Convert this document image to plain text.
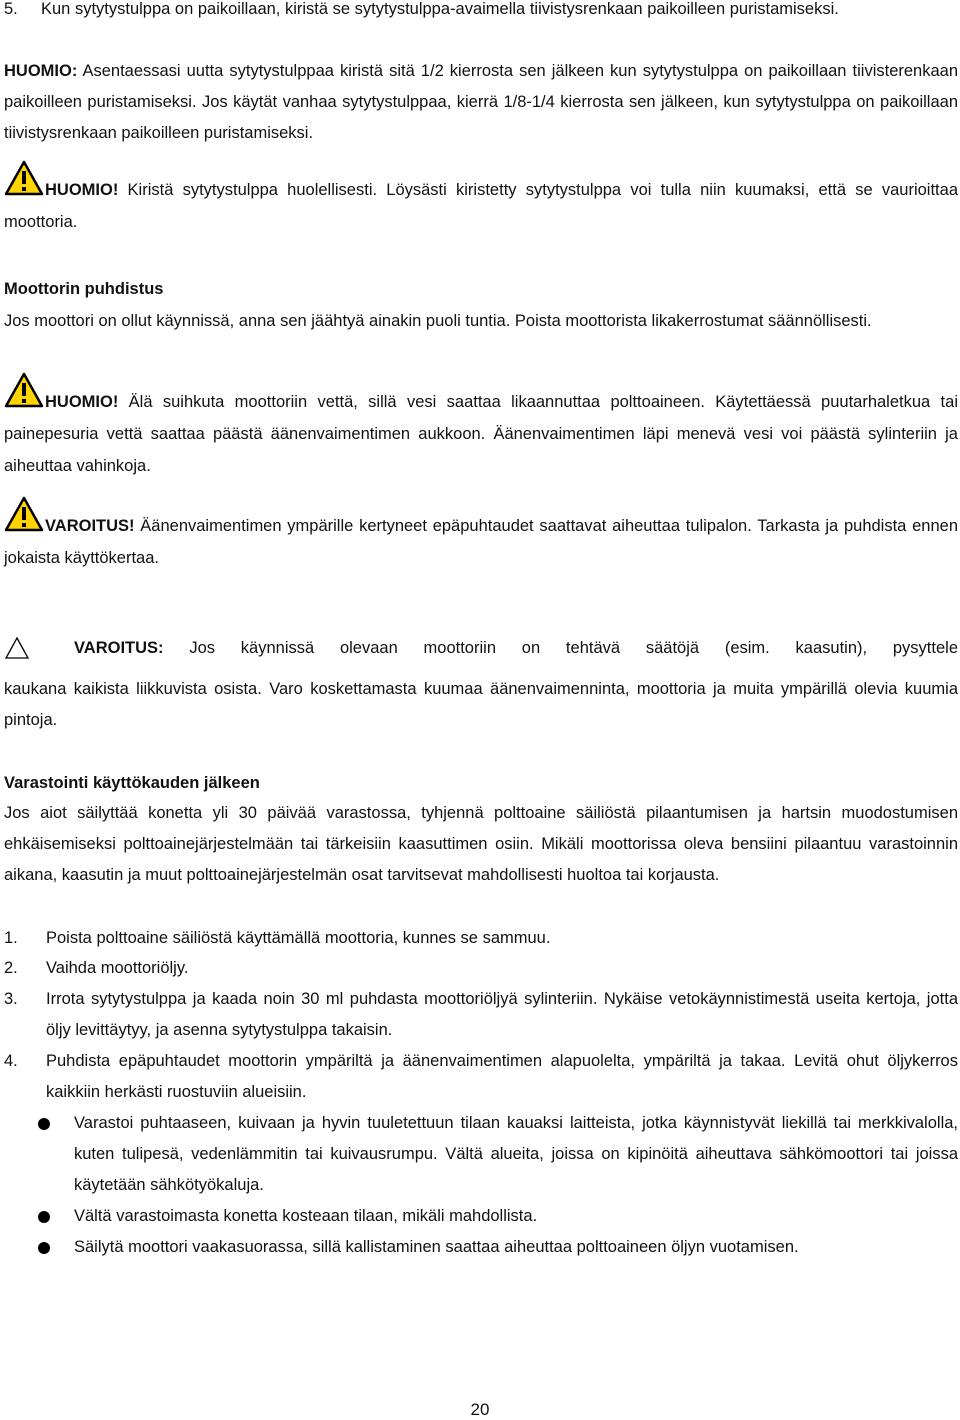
5. Kun sytytystulppa on paikoillaan, kiristä se sytytystulppa-avaimella tiivistysrenkaan paikoilleen puristamiseksi.
HUOMIO: Asentaessasi uutta sytytystulppaa kiristä sitä 1/2 kierrosta sen jälkeen kun sytytystulppa on paikoillaan tiivisterenkaan paikoilleen puristamiseksi. Jos käytät vanhaa sytytystulppaa, kierrä 1/8-1/4 kierrosta sen jälkeen, kun sytytystulppa on paikoillaan tiivistysrenkaan paikoilleen puristamiseksi.
HUOMIO! Kiristä sytytystulppa huolellisesti. Löysästi kiristetty sytytystulppa voi tulla niin kuumaksi, että se vaurioittaa moottoria.
Moottorin puhdistus
Jos moottori on ollut käynnissä, anna sen jäähtyä ainakin puoli tuntia. Poista moottorista likakerrostumat säännöllisesti.
HUOMIO! Älä suihkuta moottoriin vettä, sillä vesi saattaa likaannuttaa polttoaineen. Käytettäessä puutarhaletkua tai painepesuria vettä saattaa päästä äänenvaimentimen aukkoon. Äänenvaimentimen läpi menevä vesi voi päästä sylinteriin ja aiheuttaa vahinkoja.
VAROITUS! Äänenvaimentimen ympärille kertyneet epäpuhtaudet saattavat aiheuttaa tulipalon. Tarkasta ja puhdista ennen jokaista käyttökertaa.
VAROITUS: Jos käynnissä olevaan moottoriin on tehtävä säätöjä (esim. kaasutin), pysyttele
kaukana kaikista liikkuvista osista. Varo koskettamasta kuumaa äänenvaimenninta, moottoria ja muita ympärillä olevia kuumia pintoja.
Varastointi käyttökauden jälkeen
Jos aiot säilyttää konetta yli 30 päivää varastossa, tyhjennä polttoaine säiliöstä pilaantumisen ja hartsin muodostumisen ehkäisemiseksi polttoainejärjestelmään tai tärkeisiin kaasuttimen osiin. Mikäli moottorissa oleva bensiini pilaantuu varastoinnin aikana, kaasutin ja muut polttoainejärjestelmän osat tarvitsevat mahdollisesti huoltoa tai korjausta.
1.	Poista polttoaine säiliöstä käyttämällä moottoria, kunnes se sammuu.
2.	Vaihda moottoriöljy.
3.	Irrota sytytystulppa ja kaada noin 30 ml puhdasta moottoriöljyä sylinteriin. Nykäise vetokäynnistimestä useita kertoja, jotta öljy levittäytyy, ja asenna sytytystulppa takaisin.
4.	Puhdista epäpuhtaudet moottorin ympäriltä ja äänenvaimentimen alapuolelta, ympäriltä ja takaa. Levitä ohut öljykerros kaikkiin herkästi ruostuviin alueisiin.
Varastoi puhtaaseen, kuivaan ja hyvin tuuletettuun tilaan kauaksi laitteista, jotka käynnistyvät liekillä tai merkkivalolla, kuten tulipesä, vedenlämmitin tai kuivausrumpu. Vältä alueita, joissa on kipinöitä aiheuttava sähkömoottori tai joissa käytetään sähkötyökaluja.
Vältä varastoimasta konetta kosteaan tilaan, mikäli mahdollista.
Säilytä moottori vaakasuorassa, sillä kallistaminen saattaa aiheuttaa polttoaineen öljyn vuotamisen.
20
